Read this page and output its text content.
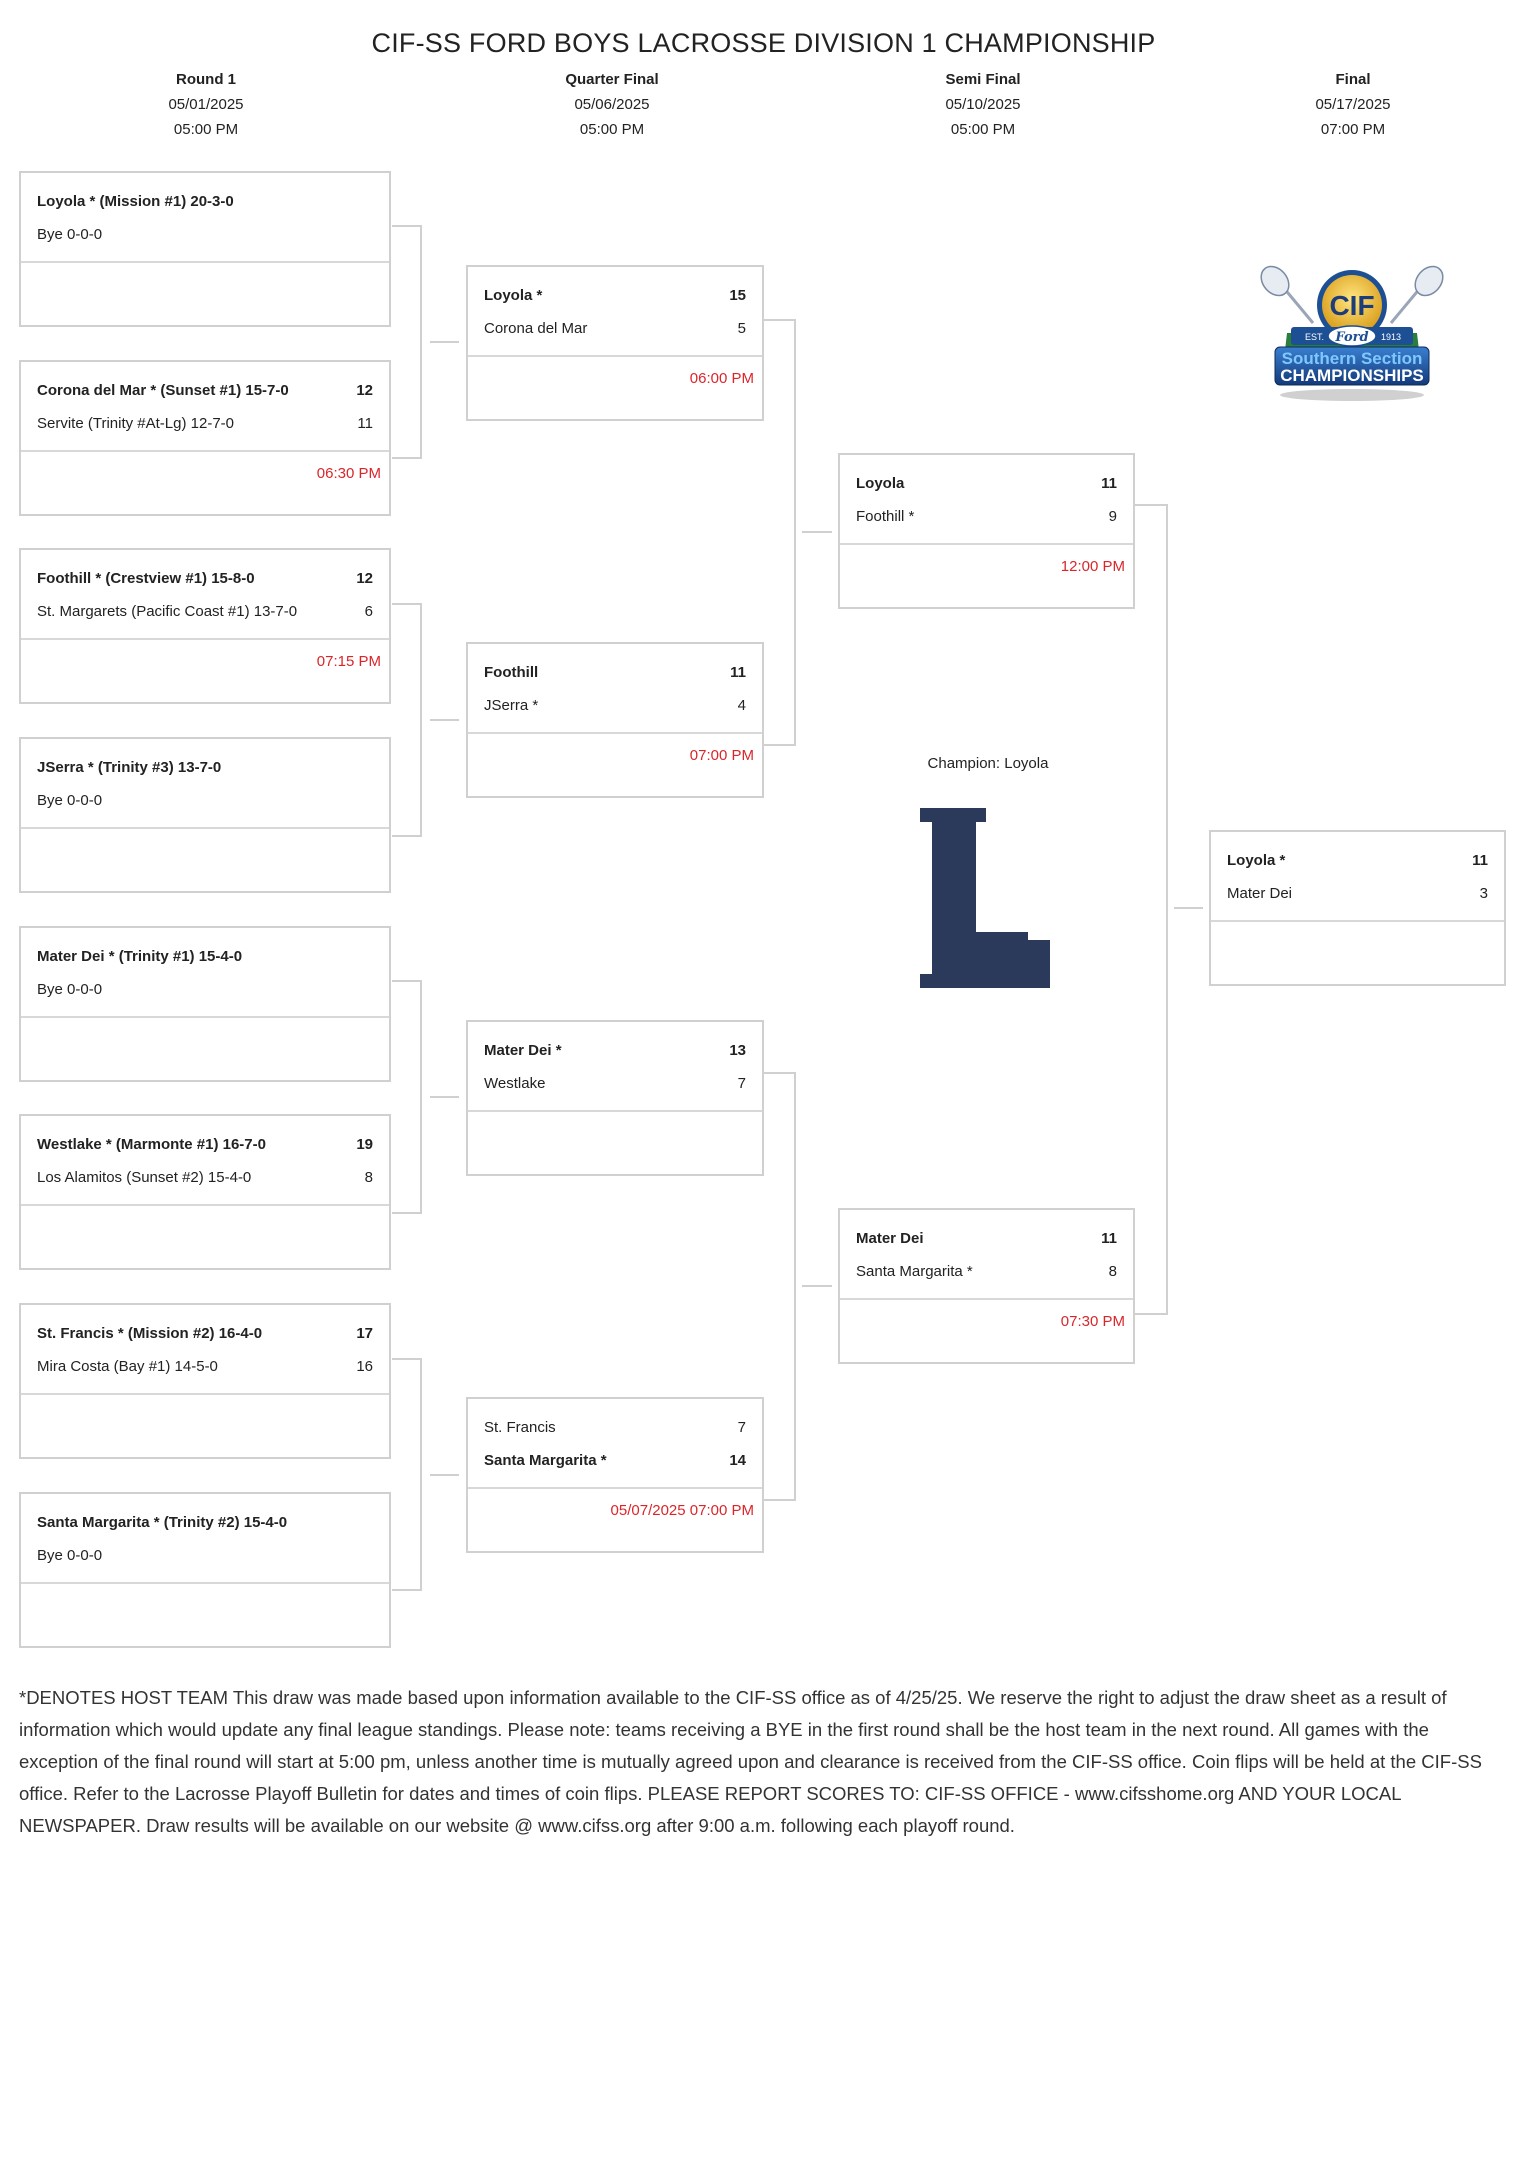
CIF-SS FORD BOYS LACROSSE DIVISION 1 CHAMPIONSHIP
Round 1
05/01/2025
05:00 PM
Quarter Final
05/06/2025
05:00 PM
Semi Final
05/10/2025
05:00 PM
Final
05/17/2025
07:00 PM
Loyola * (Mission #1) 20-3-0
Bye 0-0-0
Corona del Mar * (Sunset #1) 15-7-0	12
Servite (Trinity #At-Lg) 12-7-0	11
06:30 PM
Foothill * (Crestview #1) 15-8-0	12
St. Margarets (Pacific Coast #1) 13-7-0	6
07:15 PM
JSerra * (Trinity #3) 13-7-0
Bye 0-0-0
Mater Dei * (Trinity #1) 15-4-0
Bye 0-0-0
Westlake * (Marmonte #1) 16-7-0	19
Los Alamitos (Sunset #2) 15-4-0	8
St. Francis * (Mission #2) 16-4-0	17
Mira Costa (Bay #1) 14-5-0	16
Santa Margarita * (Trinity #2) 15-4-0
Bye 0-0-0
Loyola *	15
Corona del Mar	5
06:00 PM
Foothill	11
JSerra *	4
07:00 PM
Mater Dei *	13
Westlake	7
St. Francis	7
Santa Margarita *	14
05/07/2025 07:00 PM
Loyola	11
Foothill *	9
12:00 PM
Mater Dei	11
Santa Margarita *	8
07:30 PM
Loyola *	11
Mater Dei	3
Champion: Loyola
CIF
EST.	1913
Ford
Southern Section
CHAMPIONSHIPS
*DENOTES HOST TEAM This draw was made based upon information available to the CIF-SS office as of 4/25/25. We reserve the right to adjust the draw sheet as a result of information which would update any final league standings. Please note: teams receiving a BYE in the first round shall be the host team in the next round. All games with the exception of the final round will start at 5:00 pm, unless another time is mutually agreed upon and clearance is received from the CIF-SS office. Coin flips will be held at the CIF-SS office. Refer to the Lacrosse Playoff Bulletin for dates and times of coin flips. PLEASE REPORT SCORES TO: CIF-SS OFFICE - www.cifsshome.org AND YOUR LOCAL NEWSPAPER. Draw results will be available on our website @ www.cifss.org after 9:00 a.m. following each playoff round.
